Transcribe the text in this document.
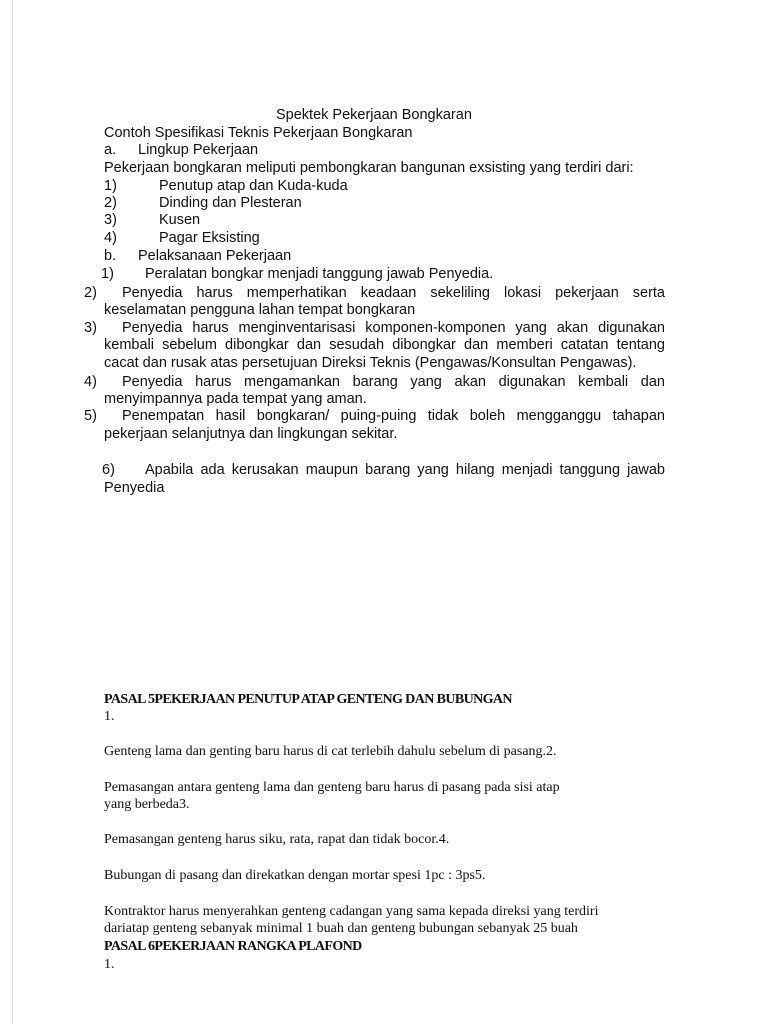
Spektek Pekerjaan Bongkaran
Contoh Spesifikasi Teknis Pekerjaan Bongkaran
a. Lingkup Pekerjaan
Pekerjaan bongkaran meliputi pembongkaran bangunan exsisting yang terdiri dari:
1)	Penutup atap dan Kuda-kuda
2)	Dinding dan Plesteran
3)	Kusen
4)	Pagar Eksisting
b. Pelaksanaan Pekerjaan
1) Peralatan bongkar menjadi tanggung jawab Penyedia.
2) Penyedia harus memperhatikan keadaan sekeliling lokasi pekerjaan serta
keselamatan pengguna lahan tempat bongkaran
3) Penyedia harus menginventarisasi komponen-komponen yang akan digunakan
kembali sebelum dibongkar dan sesudah dibongkar dan memberi catatan tentang
cacat dan rusak atas persetujuan Direksi Teknis (Pengawas/Konsultan Pengawas).
4) Penyedia harus mengamankan barang yang akan digunakan kembali dan
menyimpannya pada tempat yang aman.
5) Penempatan hasil bongkaran/ puing-puing tidak boleh mengganggu tahapan
pekerjaan selanjutnya dan lingkungan sekitar.
6) Apabila ada kerusakan maupun barang yang hilang menjadi tanggung jawab
Penyedia
PASAL 5PEKERJAAN PENUTUP ATAP GENTENG DAN BUBUNGAN
1.
Genteng lama dan genting baru harus di cat terlebih dahulu sebelum di pasang.2.
Pemasangan antara genteng lama dan genteng baru harus di pasang pada sisi atap
yang berbeda3.
Pemasangan genteng harus siku, rata, rapat dan tidak bocor.4.
Bubungan di pasang dan direkatkan dengan mortar spesi 1pc : 3ps5.
Kontraktor harus menyerahkan genteng cadangan yang sama kepada direksi yang terdiri
dariatap genteng sebanyak minimal 1 buah dan genteng bubungan sebanyak 25 buah
PASAL 6PEKERJAAN RANGKA PLAFOND
1.
